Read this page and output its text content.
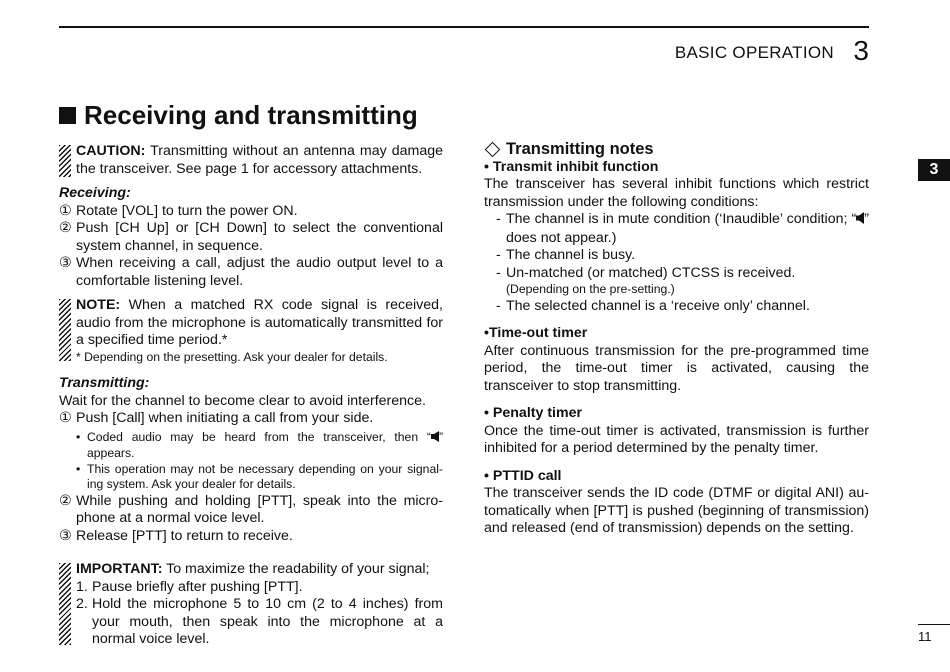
BASIC OPERATION 3
3
11
Receiving and transmitting

CAUTION: Transmitting without an antenna may damage the transceiver. See page 1 for accessory attachments.

Receiving:

① Rotate [VOL] to turn the power ON.
② Push [CH Up] or [CH Down] to select the conventional system channel, in sequence.
③ When receiving a call, adjust the audio output level to a comfortable listening level.

NOTE: When a matched RX code signal is received, audio from the microphone is automatically transmitted for a specified time period.*

* Depending on the presetting. Ask your dealer for details.

Transmitting:

Wait for the channel to become clear to avoid interference.

① Push [Call] when initiating a call from your side.
• Coded audio may be heard from the transceiver, then “ ” appears.
• This operation may not be necessary depending on your signal-ing system. Ask your dealer for details.
② While pushing and holding [PTT], speak into the micro-phone at a normal voice level.
③ Release [PTT] to return to receive.

IMPORTANT: To maximize the readability of your signal;

1. Pause briefly after pushing [PTT].
2. Hold the microphone 5 to 10 cm (2 to 4 inches) from your mouth, then speak into the microphone at a normal voice level.
Transmitting notes

• Transmit inhibit function

The transceiver has several inhibit functions which restrict transmission under the following conditions:

- The channel is in mute condition (‘Inaudible’ condition; “ ” does not appear.)
- The channel is busy.
- Un-matched (or matched) CTCSS is received.

(Depending on the pre-setting.)

- The selected channel is a ‘receive only’ channel.

•Time-out timer

After continuous transmission for the pre-programmed time period, the time-out timer is activated, causing the transceiver to stop transmitting.

• Penalty timer

Once the time-out timer is activated, transmission is further inhibited for a period determined by the penalty timer.

• PTTID call

The transceiver sends the ID code (DTMF or digital ANI) au-tomatically when [PTT] is pushed (beginning of transmission) and released (end of transmission) depends on the setting.
